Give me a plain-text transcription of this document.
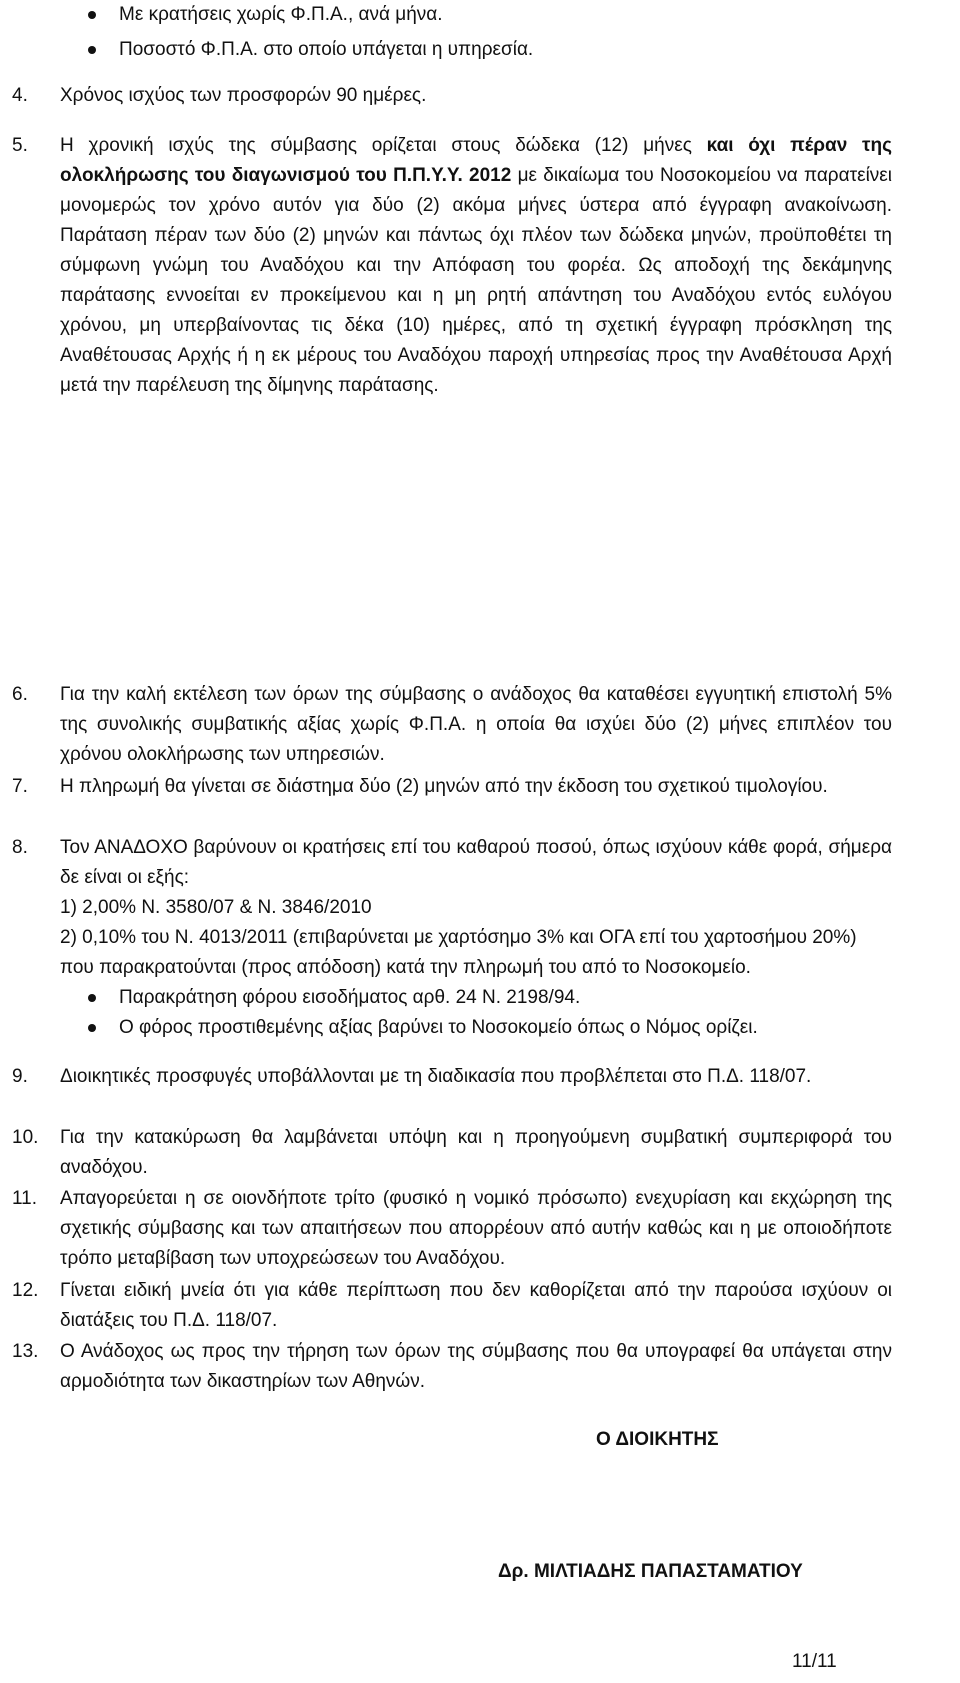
Με κρατήσεις χωρίς Φ.Π.Α., ανά μήνα.
Ποσοστό Φ.Π.Α. στο οποίο υπάγεται η υπηρεσία.
4. Χρόνος ισχύος των προσφορών 90 ημέρες.
5. Η χρονική ισχύς της σύμβασης ορίζεται στους δώδεκα (12) μήνες και όχι πέραν της ολοκλήρωσης του διαγωνισμού του Π.Π.Υ.Υ. 2012 με δικαίωμα του Νοσοκομείου να παρατείνει μονομερώς τον χρόνο αυτόν για δύο (2) ακόμα μήνες ύστερα από έγγραφη ανακοίνωση. Παράταση πέραν των δύο (2) μηνών και πάντως όχι πλέον των δώδεκα μηνών, προϋποθέτει τη σύμφωνη γνώμη του Αναδόχου και την Απόφαση του φορέα. Ως αποδοχή της δεκάμηνης παράτασης εννοείται εν προκείμενου και η μη ρητή απάντηση του Αναδόχου εντός ευλόγου χρόνου, μη υπερβαίνοντας τις δέκα (10) ημέρες, από τη σχετική έγγραφη πρόσκληση της Αναθέτουσας Αρχής ή η εκ μέρους του Αναδόχου παροχή υπηρεσίας προς την Αναθέτουσα Αρχή μετά την παρέλευση της δίμηνης παράτασης.
6. Για την καλή εκτέλεση των όρων της σύμβασης ο ανάδοχος θα καταθέσει εγγυητική επιστολή 5% της συνολικής συμβατικής αξίας χωρίς Φ.Π.Α. η οποία θα ισχύει δύο (2) μήνες επιπλέον του χρόνου ολοκλήρωσης των υπηρεσιών.
7. Η πληρωμή θα γίνεται σε διάστημα δύο (2) μηνών από την έκδοση του σχετικού τιμολογίου.
8. Τον ΑΝΑΔΟΧΟ βαρύνουν οι κρατήσεις επί του καθαρού ποσού, όπως ισχύουν κάθε φορά, σήμερα δε είναι οι εξής:
1) 2,00% Ν. 3580/07 & Ν. 3846/2010
2) 0,10% του Ν. 4013/2011 (επιβαρύνεται με χαρτόσημο 3% και ΟΓΑ επί του χαρτοσήμου 20%)
που παρακρατούνται (προς απόδοση) κατά την πληρωμή του από το Νοσοκομείο.
Παρακράτηση φόρου εισοδήματος αρθ. 24 Ν. 2198/94.
Ο φόρος προστιθεμένης αξίας βαρύνει το Νοσοκομείο όπως ο Νόμος ορίζει.
9. Διοικητικές προσφυγές υποβάλλονται με τη διαδικασία που προβλέπεται στο Π.Δ. 118/07.
10. Για την κατακύρωση θα λαμβάνεται υπόψη και η προηγούμενη συμβατική συμπεριφορά του αναδόχου.
11. Απαγορεύεται η σε οιονδήποτε τρίτο (φυσικό η νομικό πρόσωπο) ενεχυρίαση και εκχώρηση της σχετικής σύμβασης και των απαιτήσεων που απορρέουν από αυτήν καθώς και η με οποιοδήποτε τρόπο μεταβίβαση των υποχρεώσεων του Αναδόχου.
12. Γίνεται ειδική μνεία ότι για κάθε περίπτωση που δεν καθορίζεται από την παρούσα ισχύουν οι διατάξεις του Π.Δ. 118/07.
13. Ο Ανάδοχος ως προς την τήρηση των όρων της σύμβασης που θα υπογραφεί θα υπάγεται στην αρμοδιότητα των δικαστηρίων των Αθηνών.
Ο ΔΙΟΙΚΗΤΗΣ
Δρ. ΜΙΛΤΙΑΔΗΣ ΠΑΠΑΣΤΑΜΑΤΙΟΥ
11/11
